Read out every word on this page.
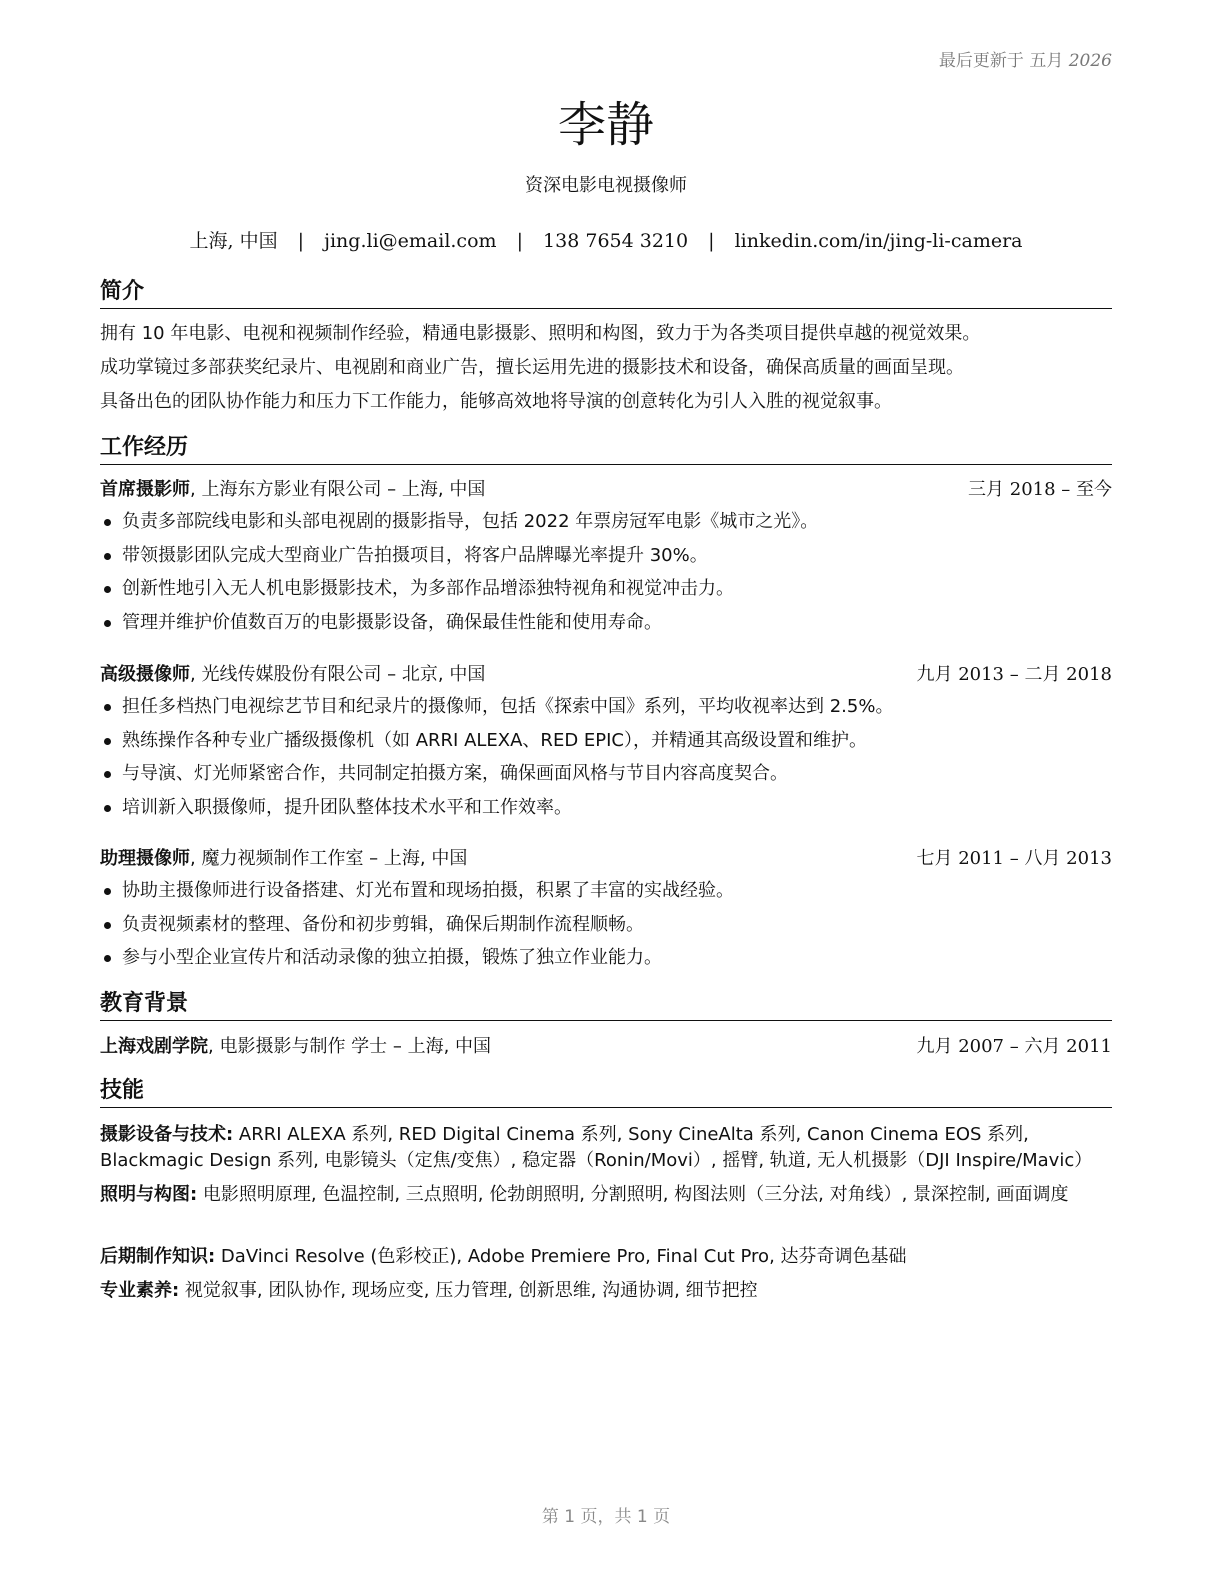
最后更新于 五月 2026
李静
资深电影电视摄像师
上海, 中国 | jing.li@email.com | 138 7654 3210 | linkedin.com/in/jing-li-camera
简介
拥有 10 年电影、电视和视频制作经验，精通电影摄影、照明和构图，致力于为各类项目提供卓越的视觉效果。
成功掌镜过多部获奖纪录片、电视剧和商业广告，擅长运用先进的摄影技术和设备，确保高质量的画面呈现。
具备出色的团队协作能力和压力下工作能力，能够高效地将导演的创意转化为引人入胜的视觉叙事。
工作经历
首席摄影师, 上海东方影业有限公司 – 上海, 中国	三月 2018 – 至今
负责多部院线电影和头部电视剧的摄影指导，包括 2022 年票房冠军电影《城市之光》。
带领摄影团队完成大型商业广告拍摄项目，将客户品牌曝光率提升 30%。
创新性地引入无人机电影摄影技术，为多部作品增添独特视角和视觉冲击力。
管理并维护价值数百万的电影摄影设备，确保最佳性能和使用寿命。
高级摄像师, 光线传媒股份有限公司 – 北京, 中国	九月 2013 – 二月 2018
担任多档热门电视综艺节目和纪录片的摄像师，包括《探索中国》系列，平均收视率达到 2.5%。
熟练操作各种专业广播级摄像机（如 ARRI ALEXA、RED EPIC），并精通其高级设置和维护。
与导演、灯光师紧密合作，共同制定拍摄方案，确保画面风格与节目内容高度契合。
培训新入职摄像师，提升团队整体技术水平和工作效率。
助理摄像师, 魔力视频制作工作室 – 上海, 中国	七月 2011 – 八月 2013
协助主摄像师进行设备搭建、灯光布置和现场拍摄，积累了丰富的实战经验。
负责视频素材的整理、备份和初步剪辑，确保后期制作流程顺畅。
参与小型企业宣传片和活动录像的独立拍摄，锻炼了独立作业能力。
教育背景
上海戏剧学院, 电影摄影与制作 学士 – 上海, 中国	九月 2007 – 六月 2011
技能
摄影设备与技术: ARRI ALEXA 系列, RED Digital Cinema 系列, Sony CineAlta 系列, Canon Cinema EOS 系列, Blackmagic Design 系列, 电影镜头（定焦/变焦）, 稳定器（Ronin/Movi）, 摇臂, 轨道, 无人机摄影（DJI Inspire/Mavic）
照明与构图: 电影照明原理, 色温控制, 三点照明, 伦勃朗照明, 分割照明, 构图法则（三分法, 对角线）, 景深控制, 画面调度
后期制作知识: DaVinci Resolve (色彩校正), Adobe Premiere Pro, Final Cut Pro, 达芬奇调色基础
专业素养: 视觉叙事, 团队协作, 现场应变, 压力管理, 创新思维, 沟通协调, 细节把控
第 1 页，共 1 页
